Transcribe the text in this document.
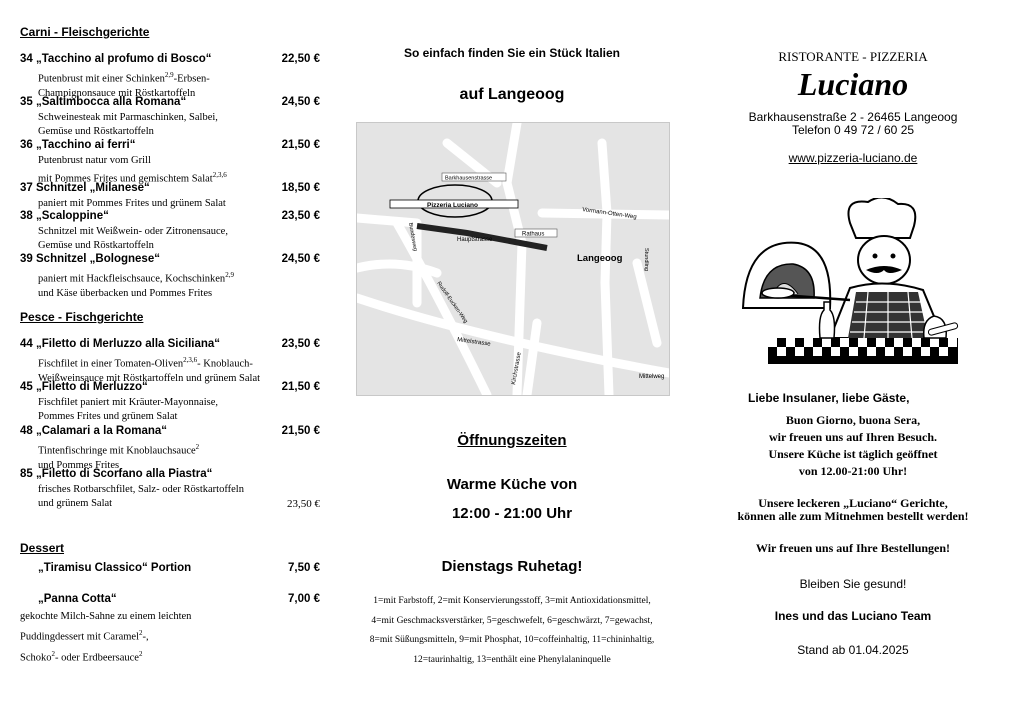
Carni - Fleischgerichte
34 „Tacchino al profumo di Bosco“	22,50 €
Putenbrust mit einer Schinken$^{2,9}$-Erbsen-
Champignonsauce mit Röstkartoffeln
35 „Saltimbocca alla Romana“	24,50 €
Schweinesteak mit Parmaschinken, Salbei,
Gemüse und Röstkartoffeln
36 „Tacchino ai ferri“	21,50 €
Putenbrust natur vom Grill
mit Pommes Frites und gemischtem Salat$^{2,3,6}$
37 Schnitzel „Milanese“	18,50 €
paniert mit Pommes Frites und grünem Salat
38 „Scaloppine“	23,50 €
Schnitzel mit Weißwein- oder Zitronensauce,
Gemüse und Röstkartoffeln
39 Schnitzel „Bolognese“	24,50 €
paniert mit Hackfleischsauce, Kochschinken$^{2,9}$
und Käse überbacken und Pommes Frites
Pesce - Fischgerichte
44 „Filetto di Merluzzo alla Siciliana“	23,50 €
Fischfilet in einer Tomaten-Oliven$^{2,3,6}$- Knoblauch-
Weißweinsauce mit Röstkartoffeln und grünem Salat
45 „Filetto di Merluzzo“	21,50 €
Fischfilet paniert mit Kräuter-Mayonnaise,
Pommes Frites und grünem Salat
48 „Calamari a la Romana“	21,50 €
Tintenfischringe mit Knoblauchsauce$^2$
und Pommes Frites
85 „Filetto di Scorfano alla Piastra“
frisches Rotbarschfilet, Salz- oder Röstkartoffeln
und grünem Salat	23,50 €
Dessert
„Tiramisu Classico“ Portion	7,50 €
„Panna Cotta“	7,00 €
gekochte Milch-Sahne zu einem leichten
Puddingdessert mit Caramel$^2$-,
Schoko$^2$- oder Erdbeersauce$^2$
So einfach finden Sie ein Stück Italien
auf Langeoog
Pizzeria Luciano
Barkhausenstrasse
Hauptstrasse
Rathaus
Langeoog
Vormann-Otten-Weg
Mittelstrasse
Kirchstrasse
Bundesweg
Rudolf-Eucken-Weg
Mittelweg
Stundling
Öffnungszeiten
Warme Küche von
12:00 - 21:00 Uhr
Dienstags Ruhetag!
1=mit Farbstoff, 2=mit Konservierungsstoff, 3=mit Antioxidationsmittel,
4=mit Geschmacksverstärker, 5=geschwefelt, 6=geschwärzt, 7=gewachst,
8=mit Süßungsmitteln, 9=mit Phosphat, 10=coffeinhaltig, 11=chininhaltig,
12=taurinhaltig, 13=enthält eine Phenylalaninquelle
RISTORANTE - PIZZERIA
Luciano
Barkhausenstraße 2 - 26465 Langeoog
Telefon 0 49 72 / 60 25
www.pizzeria-luciano.de
Liebe Insulaner, liebe Gäste,
Buon Giorno, buona Sera,
wir freuen uns auf Ihren Besuch.
Unsere Küche ist täglich geöffnet
von 12.00-21:00 Uhr!
Unsere leckeren „Luciano“ Gerichte,
können alle zum Mitnehmen bestellt werden!
Wir freuen uns auf Ihre Bestellungen!
Bleiben Sie gesund!
Ines und das Luciano Team
Stand ab 01.04.2025
